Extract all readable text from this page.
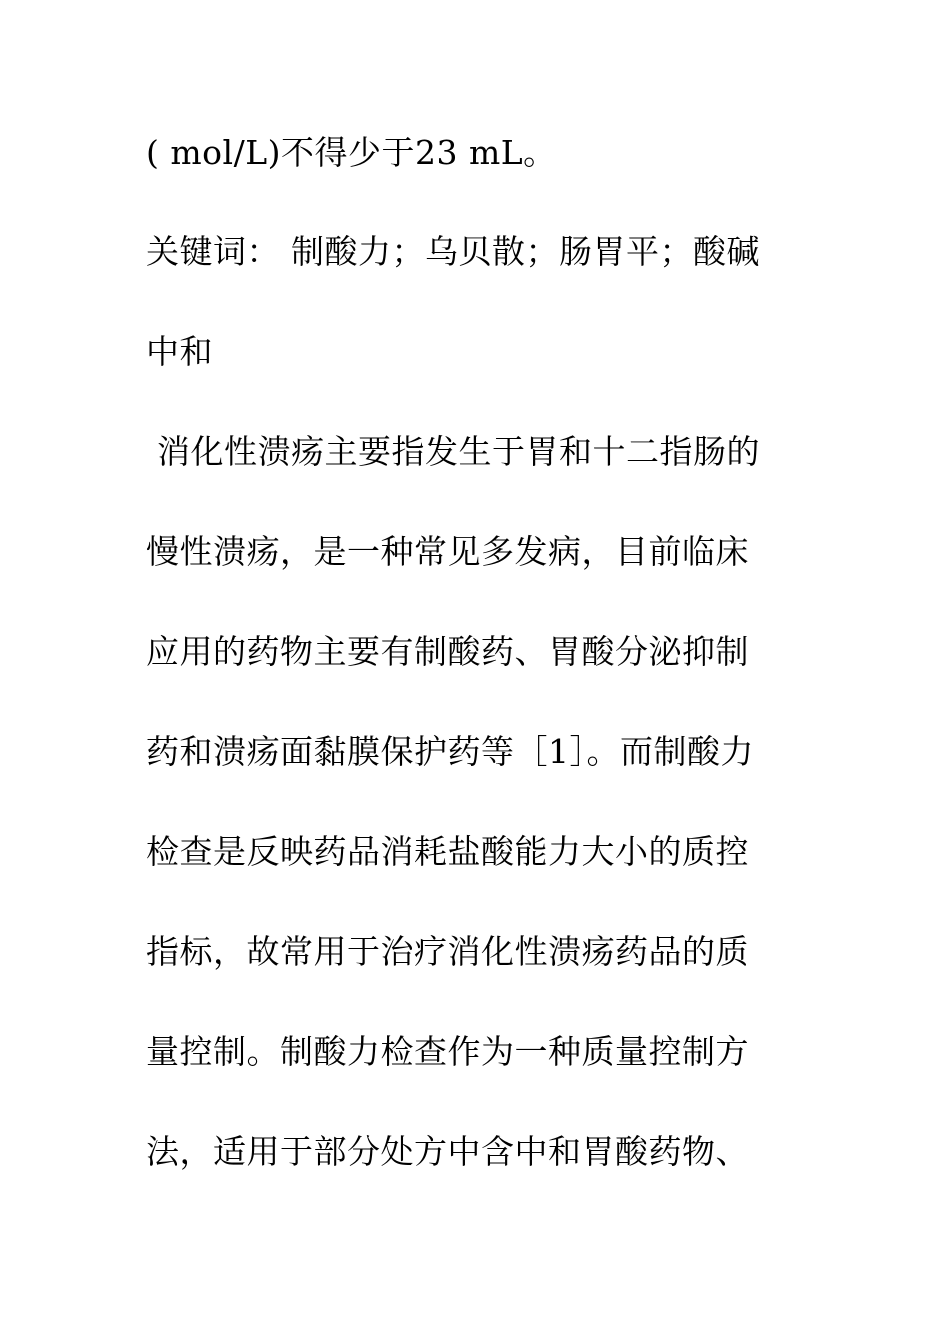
( mol/L)不得少于23 mL。
关键词： 制酸力；乌贝散；肠胃平；酸碱
中和
消化性溃疡主要指发生于胃和十二指肠的
慢性溃疡，是一种常见多发病，目前临床
应用的药物主要有制酸药、胃酸分泌抑制
药和溃疡面黏膜保护药等［1］。而制酸力
检查是反映药品消耗盐酸能力大小的质控
指标，故常用于治疗消化性溃疡药品的质
量控制。制酸力检查作为一种质量控制方
法，适用于部分处方中含中和胃酸药物、
